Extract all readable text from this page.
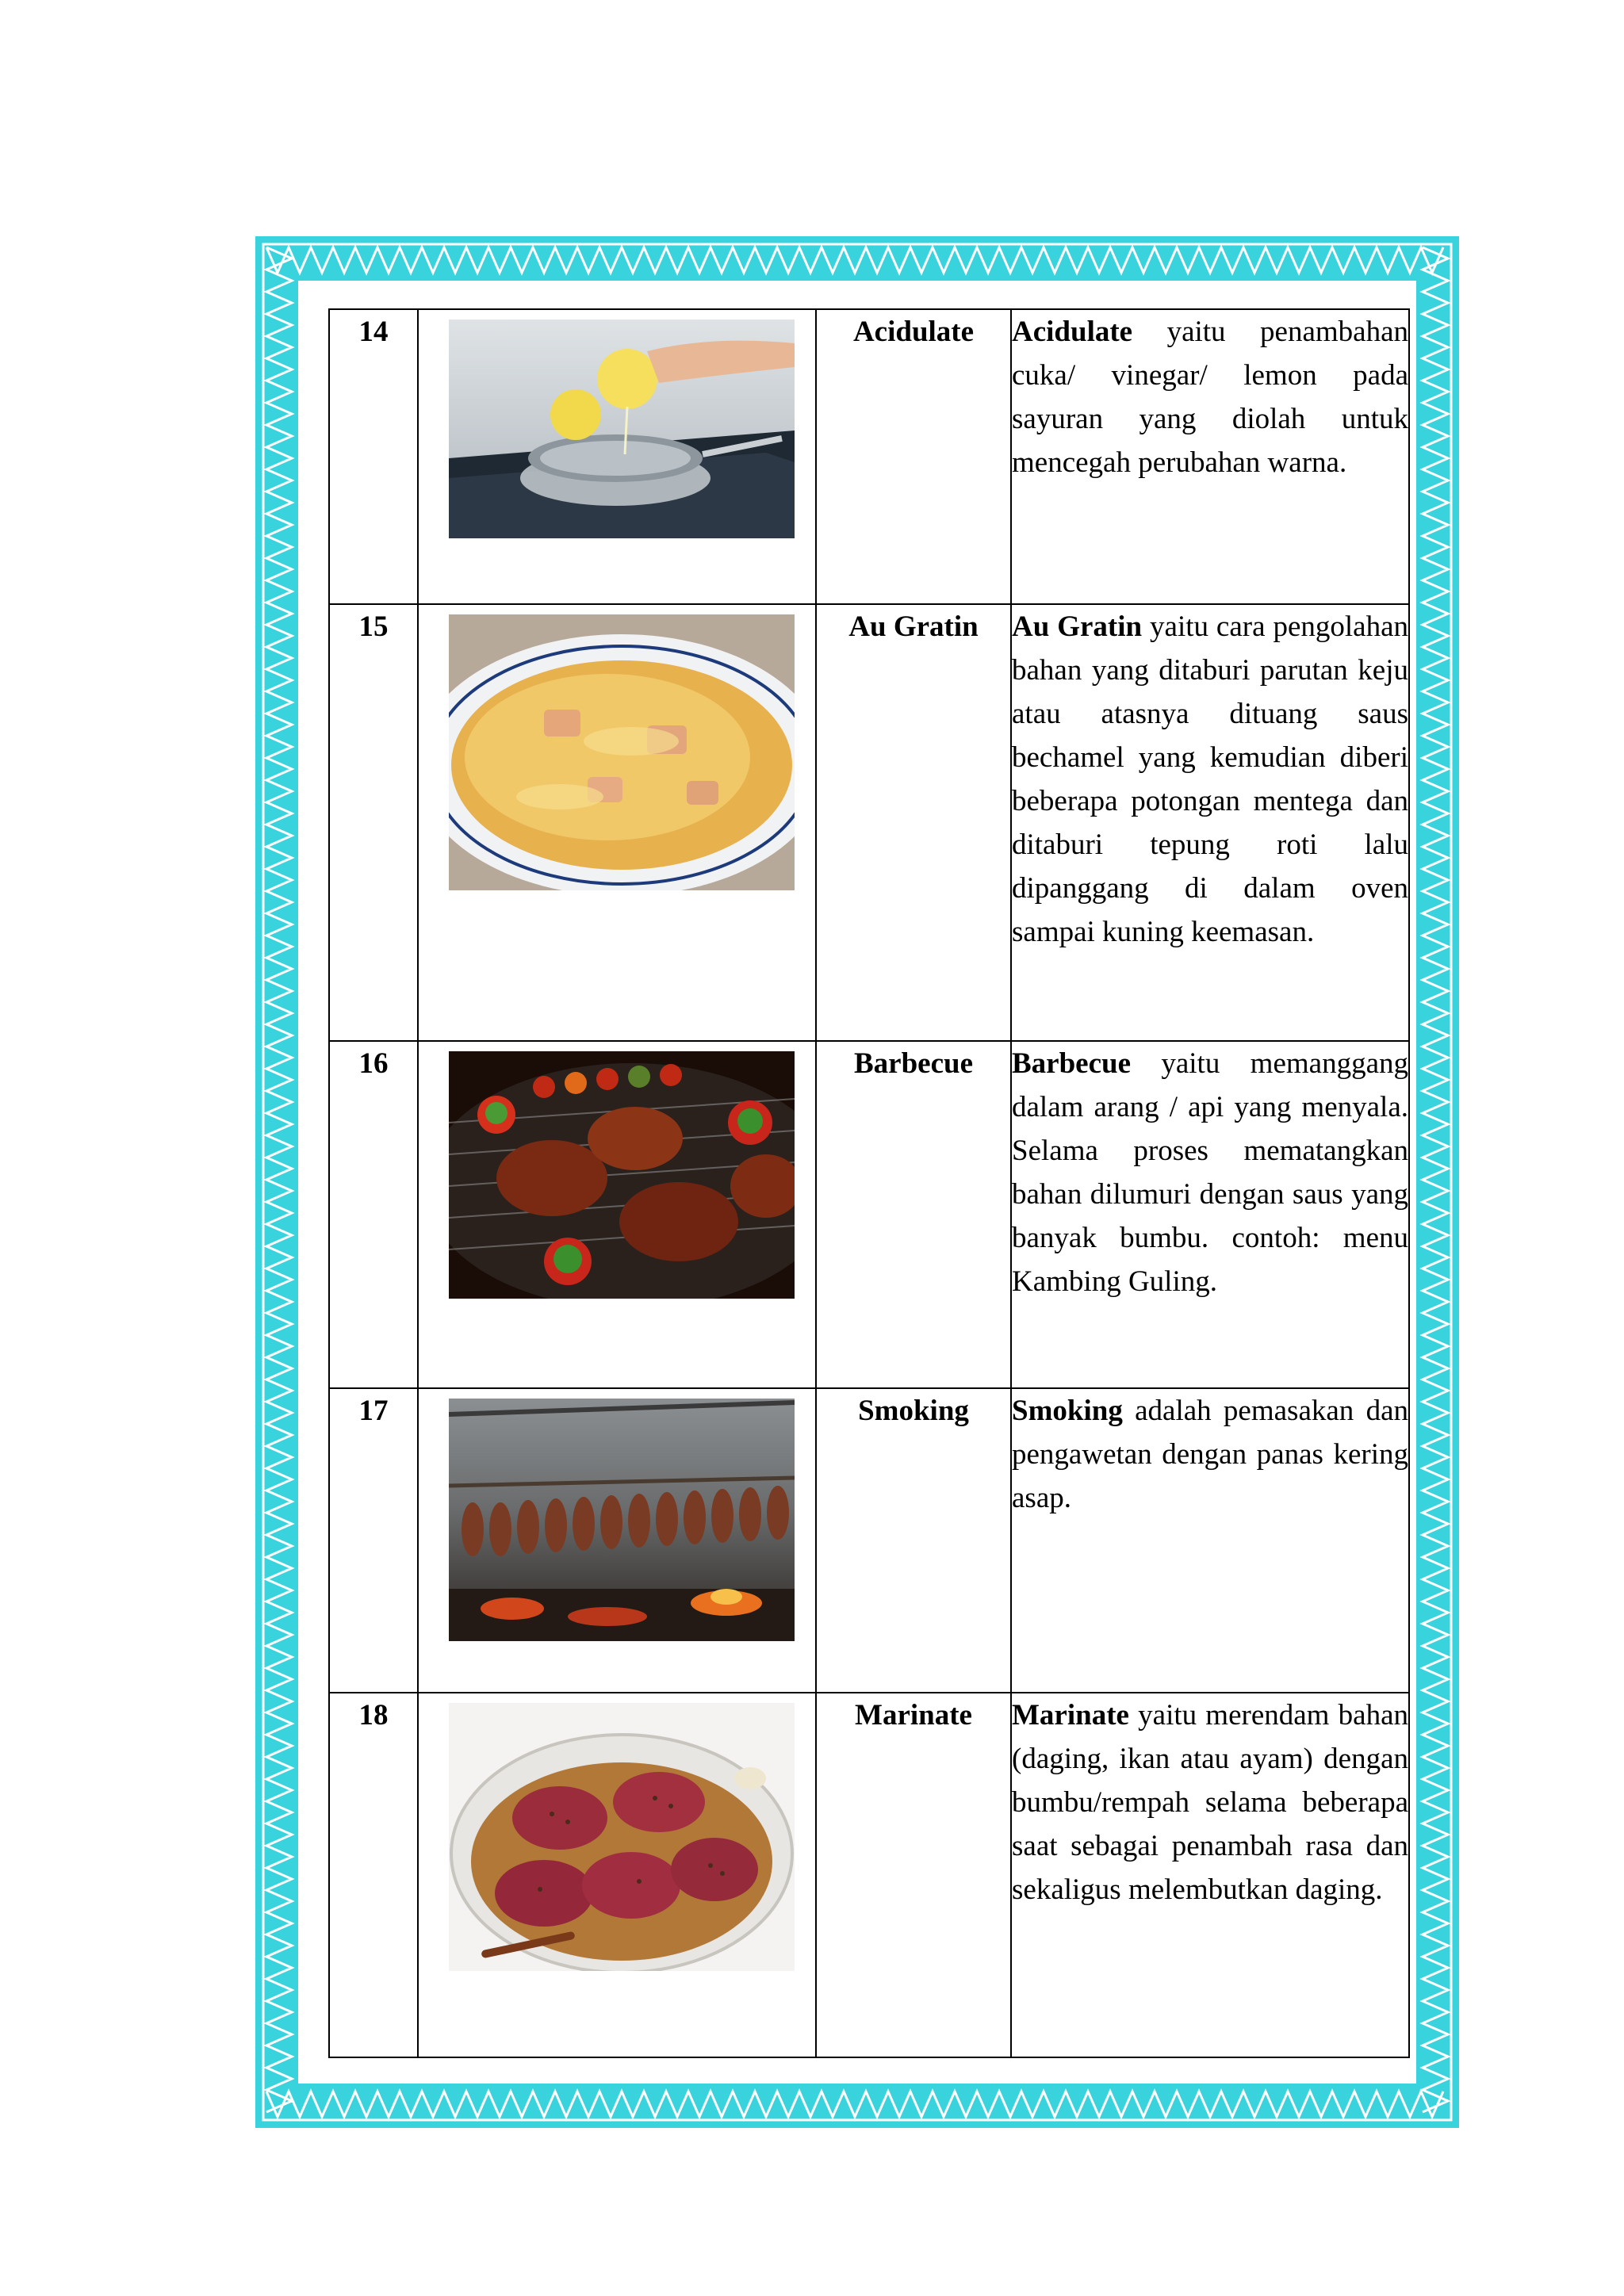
14		Acidulate	Acidulate yaitu penambahan cuka/ vinegar/ lemon pada sayuran yang diolah untuk mencegah perubahan warna.
15		Au Gratin	Au Gratin yaitu cara pengolahan bahan yang ditaburi parutan keju atau atasnya dituang saus bechamel yang kemudian diberi beberapa potongan mentega dan ditaburi tepung roti lalu dipanggang di dalam oven sampai kuning keemasan.
16		Barbecue	Barbecue yaitu memanggang dalam arang / api yang menyala. Selama proses mematangkan bahan dilumuri dengan saus yang banyak bumbu. contoh: menu Kambing Guling.
17		Smoking	Smoking adalah pemasakan dan pengawetan dengan panas kering asap.
18		Marinate	Marinate yaitu merendam bahan (daging, ikan atau ayam) dengan bumbu/rempah selama beberapa saat sebagai penambah rasa dan sekaligus melembutkan daging.
